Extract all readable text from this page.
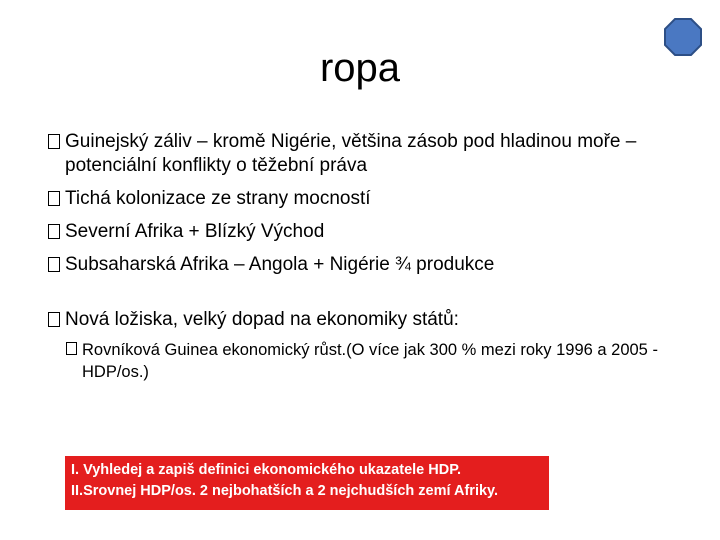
ropa
Guinejský záliv – kromě Nigérie, většina zásob pod hladinou moře – potenciální konflikty o těžební práva
Tichá kolonizace ze strany mocností
Severní Afrika + Blízký Východ
Subsaharská Afrika – Angola + Nigérie ¾ produkce
Nová ložiska, velký dopad na ekonomiky států:
Rovníková Guinea ekonomický růst.(O více jak 300 % mezi roky 1996 a 2005 - HDP/os.)
I. Vyhledej a zapiš definici ekonomického ukazatele HDP.
II.Srovnej HDP/os. 2 nejbohatších a 2 nejchudších zemí Afriky.
